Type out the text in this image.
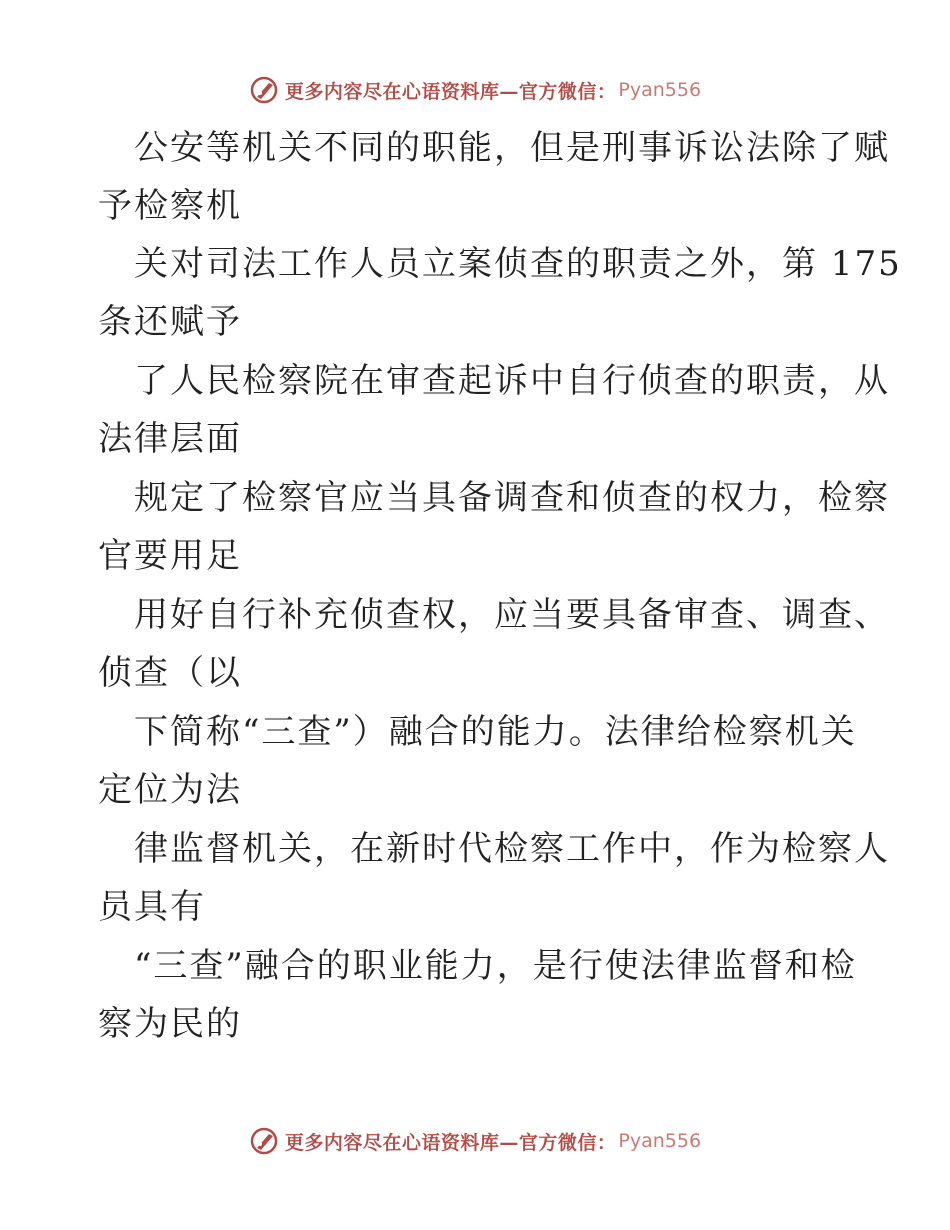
更多内容尽在心语资料库—官方微信： Pyan556
公安等机关不同的职能，但是刑事诉讼法除了赋
予检察机
关对司法工作人员立案侦查的职责之外，第 175
条还赋予
了人民检察院在审查起诉中自行侦查的职责，从
法律层面
规定了检察官应当具备调查和侦查的权力，检察
官要用足
用好自行补充侦查权，应当要具备审查、调查、
侦查（以
下简称“三查”）融合的能力。法律给检察机关
定位为法
律监督机关，在新时代检察工作中，作为检察人
员具有
“三查”融合的职业能力，是行使法律监督和检
察为民的
更多内容尽在心语资料库—官方微信： Pyan556
